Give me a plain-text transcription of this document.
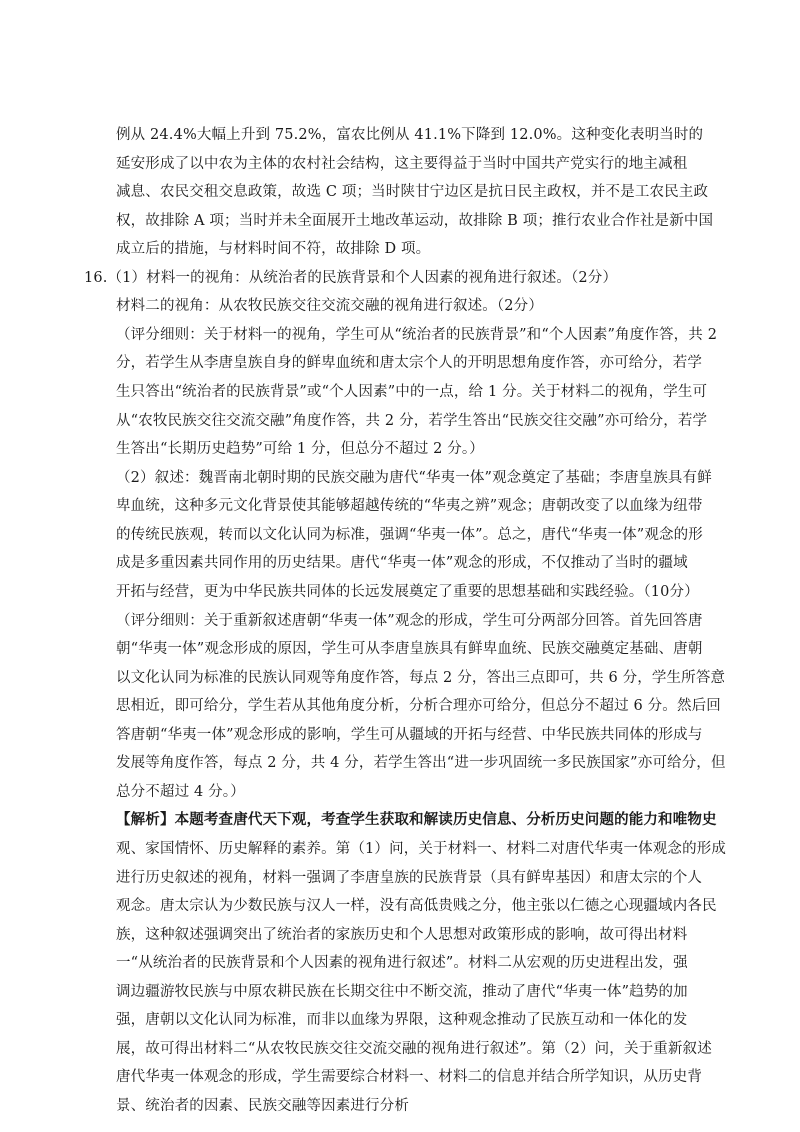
例从 24.4%大幅上升到 75.2%，富农比例从 41.1%下降到 12.0%。这种变化表明当时的
延安形成了以中农为主体的农村社会结构，这主要得益于当时中国共产党实行的地主减租
减息、农民交租交息政策，故选 C 项；当时陕甘宁边区是抗日民主政权，并不是工农民主政
权，故排除 A 项；当时并未全面展开土地改革运动，故排除 B 项；推行农业合作社是新中国
成立后的措施，与材料时间不符，故排除 D 项。
16.（1）材料一的视角：从统治者的民族背景和个人因素的视角进行叙述。（2分）
材料二的视角：从农牧民族交往交流交融的视角进行叙述。（2分）
（评分细则：关于材料一的视角，学生可从“统治者的民族背景”和“个人因素”角度作答，共 2
分，若学生从李唐皇族自身的鲜卑血统和唐太宗个人的开明思想角度作答，亦可给分，若学
生只答出“统治者的民族背景”或“个人因素”中的一点，给 1 分。关于材料二的视角，学生可
从“农牧民族交往交流交融”角度作答，共 2 分，若学生答出“民族交往交融”亦可给分，若学
生答出“长期历史趋势”可给 1 分，但总分不超过 2 分。）
（2）叙述：魏晋南北朝时期的民族交融为唐代“华夷一体”观念奠定了基础；李唐皇族具有鲜
卑血统，这种多元文化背景使其能够超越传统的“华夷之辨”观念；唐朝改变了以血缘为纽带
的传统民族观，转而以文化认同为标准，强调“华夷一体”。总之，唐代“华夷一体”观念的形
成是多重因素共同作用的历史结果。唐代“华夷一体”观念的形成，不仅推动了当时的疆域
开拓与经营，更为中华民族共同体的长远发展奠定了重要的思想基础和实践经验。（10分）
（评分细则：关于重新叙述唐朝“华夷一体”观念的形成，学生可分两部分回答。首先回答唐
朝“华夷一体”观念形成的原因，学生可从李唐皇族具有鲜卑血统、民族交融奠定基础、唐朝
以文化认同为标准的民族认同观等角度作答，每点 2 分，答出三点即可，共 6 分，学生所答意
思相近，即可给分，学生若从其他角度分析，分析合理亦可给分，但总分不超过 6 分。然后回
答唐朝“华夷一体”观念形成的影响，学生可从疆域的开拓与经营、中华民族共同体的形成与
发展等角度作答，每点 2 分，共 4 分，若学生答出“进一步巩固统一多民族国家”亦可给分，但
总分不超过 4 分。）
【解析】本题考查唐代天下观，考查学生获取和解读历史信息、分析历史问题的能力和唯物史
观、家国情怀、历史解释的素养。第（1）问，关于材料一、材料二对唐代华夷一体观念的形成
进行历史叙述的视角，材料一强调了李唐皇族的民族背景（具有鲜卑基因）和唐太宗的个人
观念。唐太宗认为少数民族与汉人一样，没有高低贵贱之分，他主张以仁德之心现疆域内各民
族，这种叙述强调突出了统治者的家族历史和个人思想对政策形成的影响，故可得出材料
一“从统治者的民族背景和个人因素的视角进行叙述”。材料二从宏观的历史进程出发，强
调边疆游牧民族与中原农耕民族在长期交往中不断交流，推动了唐代“华夷一体”趋势的加
强，唐朝以文化认同为标准，而非以血缘为界限，这种观念推动了民族互动和一体化的发
展，故可得出材料二“从农牧民族交往交流交融的视角进行叙述”。第（2）问，关于重新叙述
唐代华夷一体观念的形成，学生需要综合材料一、材料二的信息并结合所学知识，从历史背
景、统治者的因素、民族交融等因素进行分析
